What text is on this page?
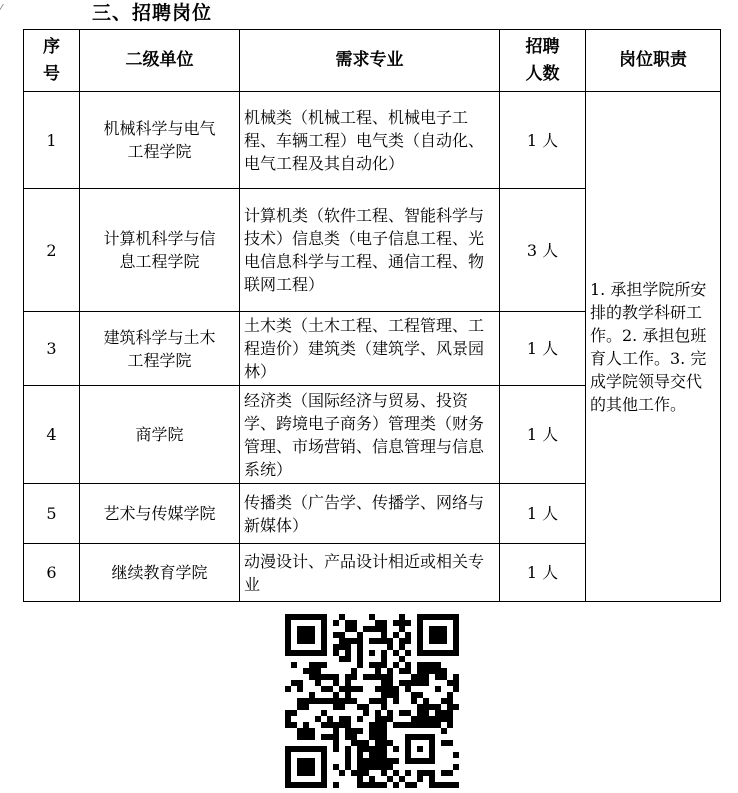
⁄	三、招聘岗位
序号	二级单位	需求专业	招聘人数	岗位职责
1	机械科学与电气工程学院	机械类（机械工程、机械电子工程、车辆工程）电气类（自动化、电气工程及其自动化）	1 人	1. 承担学院所安排的教学科研工作。2. 承担包班育人工作。3. 完成学院领导交代的其他工作。
2	计算机科学与信息工程学院	计算机类（软件工程、智能科学与技术）信息类（电子信息工程、光电信息科学与工程、通信工程、物联网工程）	3 人	
3	建筑科学与土木工程学院	土木类（土木工程、工程管理、工程造价）建筑类（建筑学、风景园林）	1 人	
4	商学院	经济类（国际经济与贸易、投资学、跨境电子商务）管理类（财务管理、市场营销、信息管理与信息系统）	1 人	
5	艺术与传媒学院	传播类（广告学、传播学、网络与新媒体）	1 人	
6	继续教育学院	动漫设计、产品设计相近或相关专业	1 人	
